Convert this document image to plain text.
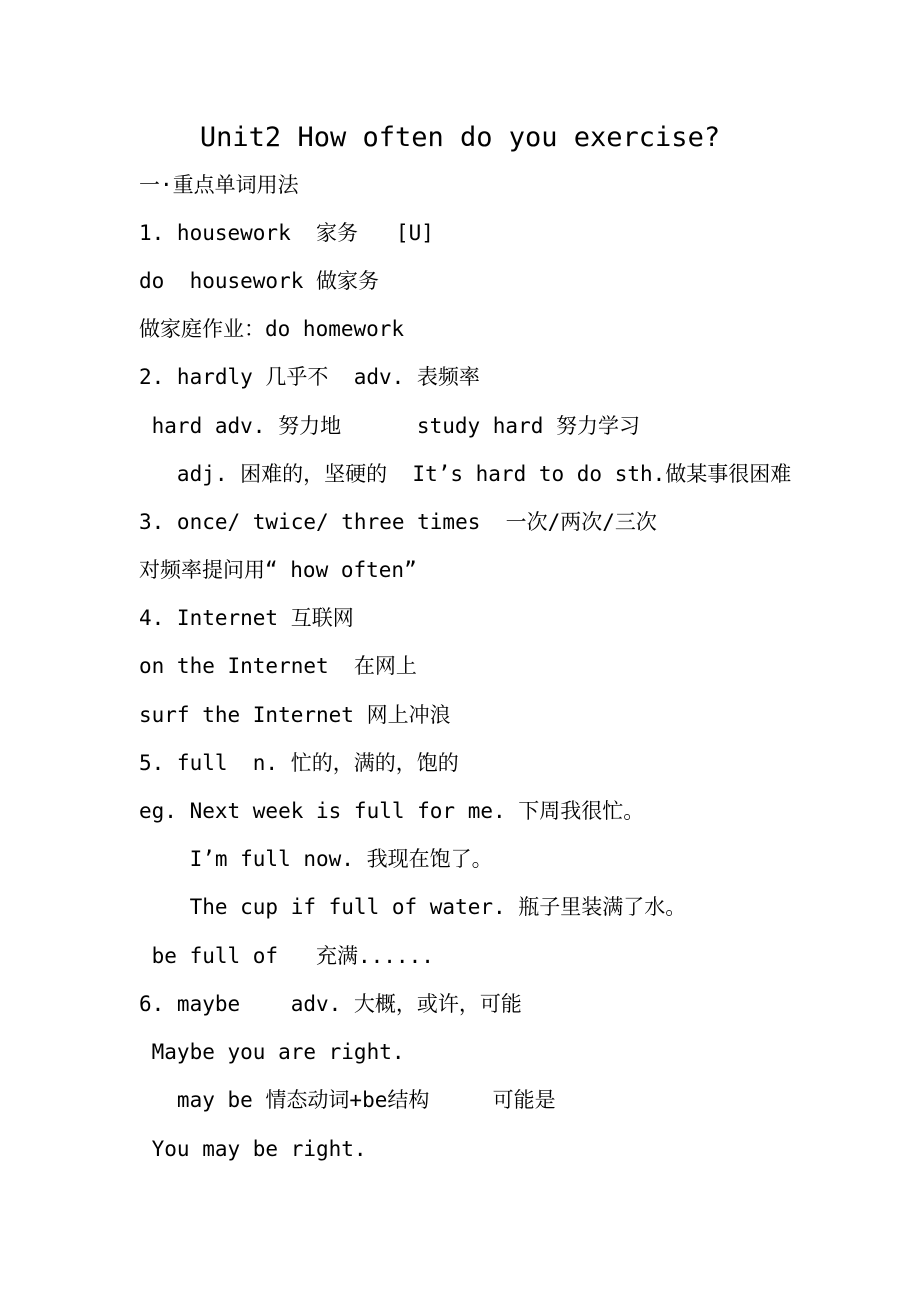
Unit2 How often do you exercise?
一·重点单词用法
1. housework  家务   [U]
do  housework 做家务
做家庭作业：do homework
2. hardly 几乎不  adv. 表频率
hard adv. 努力地      study hard 努力学习
adj. 困难的，坚硬的  It’s hard to do sth.做某事很困难
3. once/ twice/ three times  一次/两次/三次
对频率提问用“ how often”
4. Internet 互联网
on the Internet  在网上
surf the Internet 网上冲浪
5. full  n. 忙的，满的，饱的
eg. Next week is full for me. 下周我很忙。
I’m full now. 我现在饱了。
The cup if full of water. 瓶子里装满了水。
be full of   充满......
6. maybe    adv. 大概，或许，可能
Maybe you are right.
may be 情态动词+be结构     可能是
You may be right.
